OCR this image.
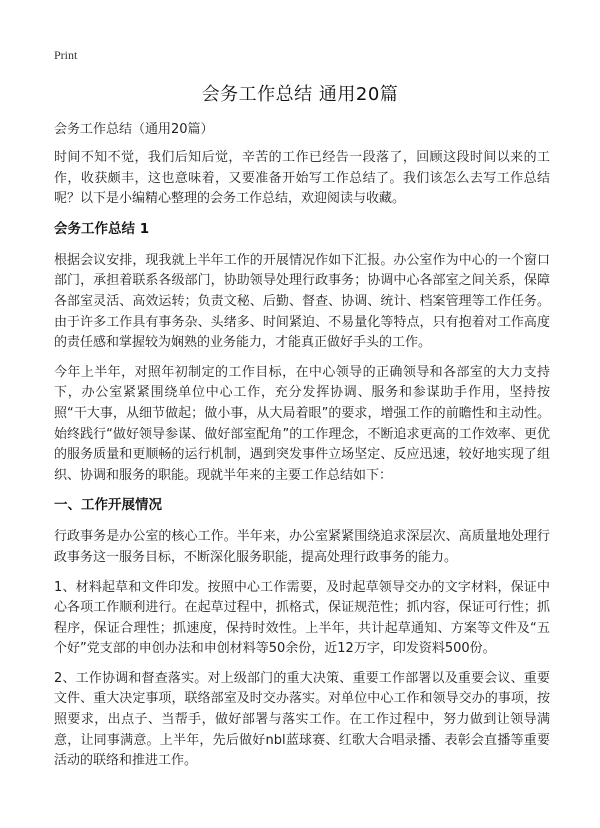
Print
会务工作总结 通用20篇

会务工作总结（通用20篇）

时间不知不觉，我们后知后觉，辛苦的工作已经告一段落了，回顾这段时间以来的工作，收获颇丰，这也意味着，又要准备开始写工作总结了。我们该怎么去写工作总结呢？以下是小编精心整理的会务工作总结，欢迎阅读与收藏。

会务工作总结 1

根据会议安排，现我就上半年工作的开展情况作如下汇报。办公室作为中心的一个窗口部门，承担着联系各级部门，协助领导处理行政事务；协调中心各部室之间关系，保障各部室灵活、高效运转；负责文秘、后勤、督查、协调、统计、档案管理等工作任务。由于许多工作具有事务杂、头绪多、时间紧迫、不易量化等特点，只有抱着对工作高度的责任感和掌握较为娴熟的业务能力，才能真正做好手头的工作。

今年上半年，对照年初制定的工作目标，在中心领导的正确领导和各部室的大力支持下，办公室紧紧围绕单位中心工作，充分发挥协调、服务和参谋助手作用，坚持按照“干大事，从细节做起；做小事，从大局着眼”的要求，增强工作的前瞻性和主动性。始终践行“做好领导参谋、做好部室配角”的工作理念，不断追求更高的工作效率、更优的服务质量和更顺畅的运行机制，遇到突发事件立场坚定、反应迅速，较好地实现了组织、协调和服务的职能。现就半年来的主要工作总结如下：

一、工作开展情况

行政事务是办公室的核心工作。半年来，办公室紧紧围绕追求深层次、高质量地处理行政事务这一服务目标，不断深化服务职能，提高处理行政事务的能力。

1、材料起草和文件印发。按照中心工作需要，及时起草领导交办的文字材料，保证中心各项工作顺利进行。在起草过程中，抓格式，保证规范性；抓内容，保证可行性；抓程序，保证合理性；抓速度，保持时效性。上半年，共计起草通知、方案等文件及“五个好”党支部的申创办法和申创材料等50余份，近12万字，印发资料500份。

2、工作协调和督查落实。对上级部门的重大决策、重要工作部署以及重要会议、重要文件、重大决定事项，联络部室及时交办落实。对单位中心工作和领导交办的事项，按照要求，出点子、当帮手，做好部署与落实工作。在工作过程中，努力做到让领导满意，让同事满意。上半年，先后做好nbl蓝球赛、红歌大合唱录播、表彰会直播等重要活动的联络和推进工作。
